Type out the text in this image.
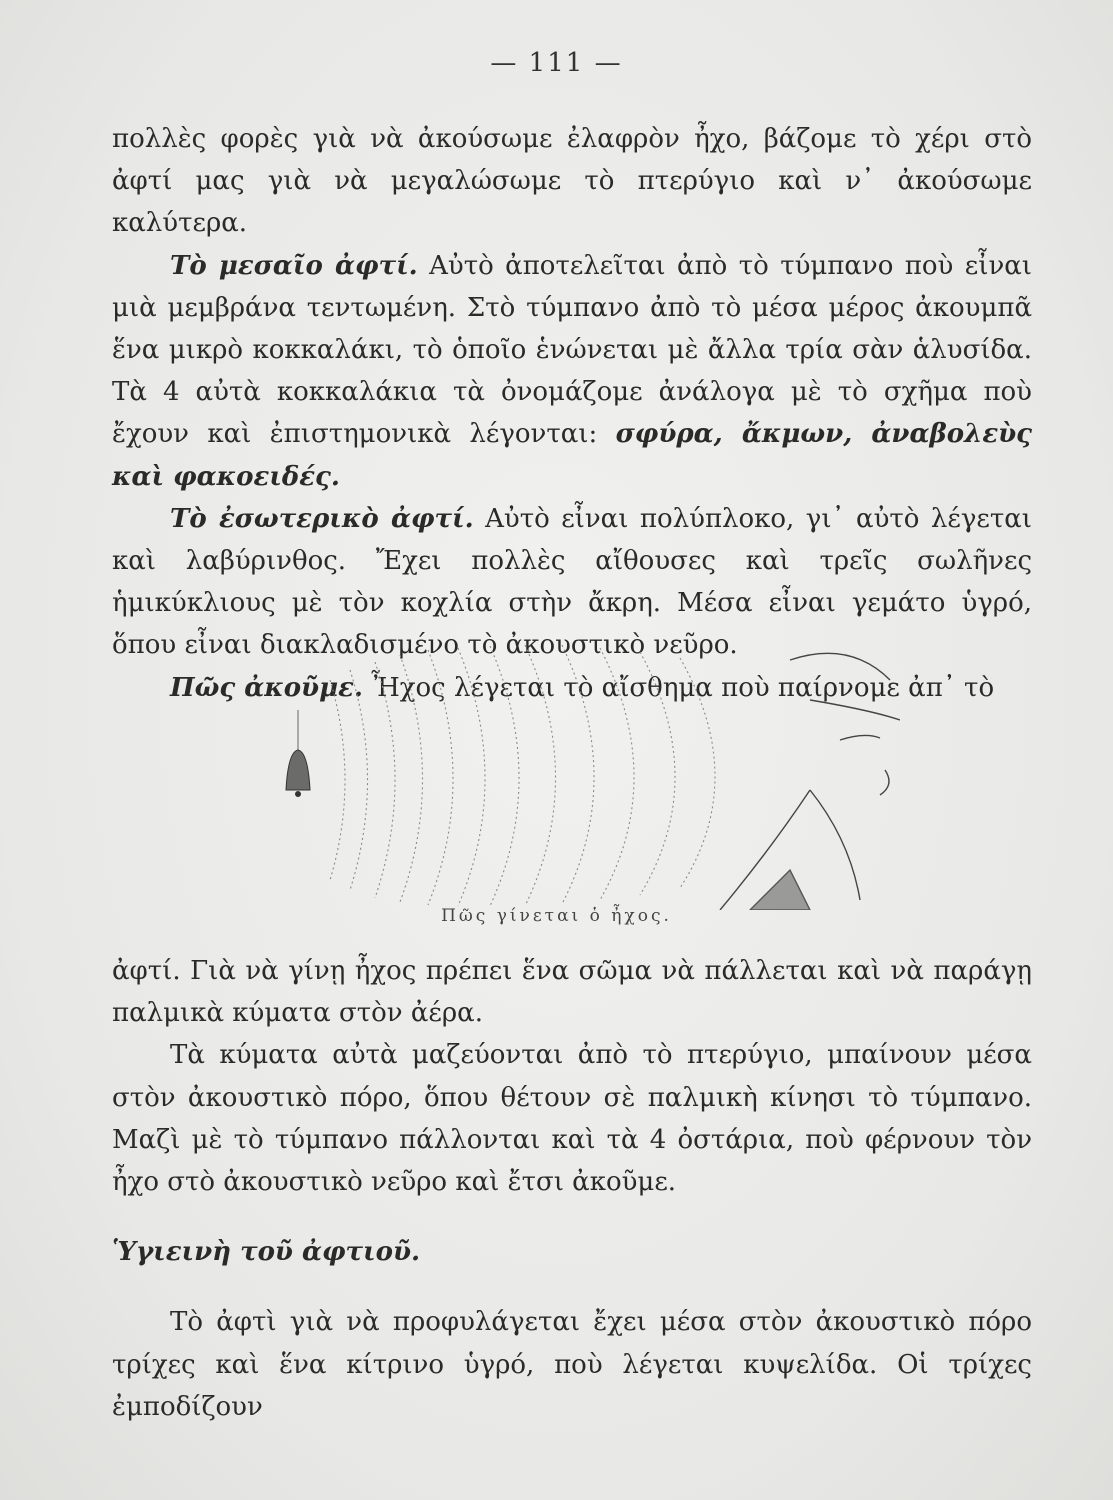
— 111 —

πολλὲς φορὲς γιὰ νὰ ἀκούσωμε ἐλαφρὸν ἦχο, βάζομε τὸ χέρι στὸ ἀφτί μας γιὰ νὰ μεγαλώσωμε τὸ πτερύγιο καὶ ν᾿ ἀκούσωμε καλύτερα.

Τὸ μεσαῖο ἀφτί. Αὐτὸ ἀποτελεῖται ἀπὸ τὸ τύμπανο ποὺ εἶναι μιὰ μεμβράνα τεντωμένη. Στὸ τύμπανο ἀπὸ τὸ μέσα μέρος ἀκουμπᾶ ἕνα μικρὸ κοκκαλάκι, τὸ ὁποῖο ἑνώνεται μὲ ἄλλα τρία σὰν ἁλυσίδα. Τὰ 4 αὐτὰ κοκκαλάκια τὰ ὀνομάζομε ἀνάλογα μὲ τὸ σχῆμα ποὺ ἔχουν καὶ ἐπιστημονικὰ λέγονται: σφύρα, ἄκμων, ἀναβολεὺς καὶ φακοειδές.

Τὸ ἐσωτερικὸ ἀφτί. Αὐτὸ εἶναι πολύπλοκο, γι᾿ αὐτὸ λέγεται καὶ λαβύρινθος. Ἔχει πολλὲς αἴθουσες καὶ τρεῖς σωλῆνες ἡμικύκλιους μὲ τὸν κοχλία στὴν ἄκρη. Μέσα εἶναι γεμάτο ὑγρό, ὅπου εἶναι διακλαδισμένο τὸ ἀκουστικὸ νεῦρο.

Πῶς ἀκοῦμε. Ἦχος λέγεται τὸ αἴσθημα ποὺ παίρνομε ἀπ᾿ τὸ

Πῶς γίνεται ὁ ἦχος.

ἀφτί. Γιὰ νὰ γίνῃ ἦχος πρέπει ἕνα σῶμα νὰ πάλλεται καὶ νὰ παράγῃ παλμικὰ κύματα στὸν ἀέρα.

Τὰ κύματα αὐτὰ μαζεύονται ἀπὸ τὸ πτερύγιο, μπαίνουν μέσα στὸν ἀκουστικὸ πόρο, ὅπου θέτουν σὲ παλμικὴ κίνησι τὸ τύμπανο. Μαζὶ μὲ τὸ τύμπανο πάλλονται καὶ τὰ 4 ὀστάρια, ποὺ φέρνουν τὸν ἦχο στὸ ἀκουστικὸ νεῦρο καὶ ἔτσι ἀκοῦμε.

Ὑγιεινὴ τοῦ ἀφτιοῦ.

Τὸ ἀφτὶ γιὰ νὰ προφυλάγεται ἔχει μέσα στὸν ἀκουστικὸ πόρο τρίχες καὶ ἕνα κίτρινο ὑγρό, ποὺ λέγεται κυψελίδα. Οἱ τρίχες ἐμποδίζουν
